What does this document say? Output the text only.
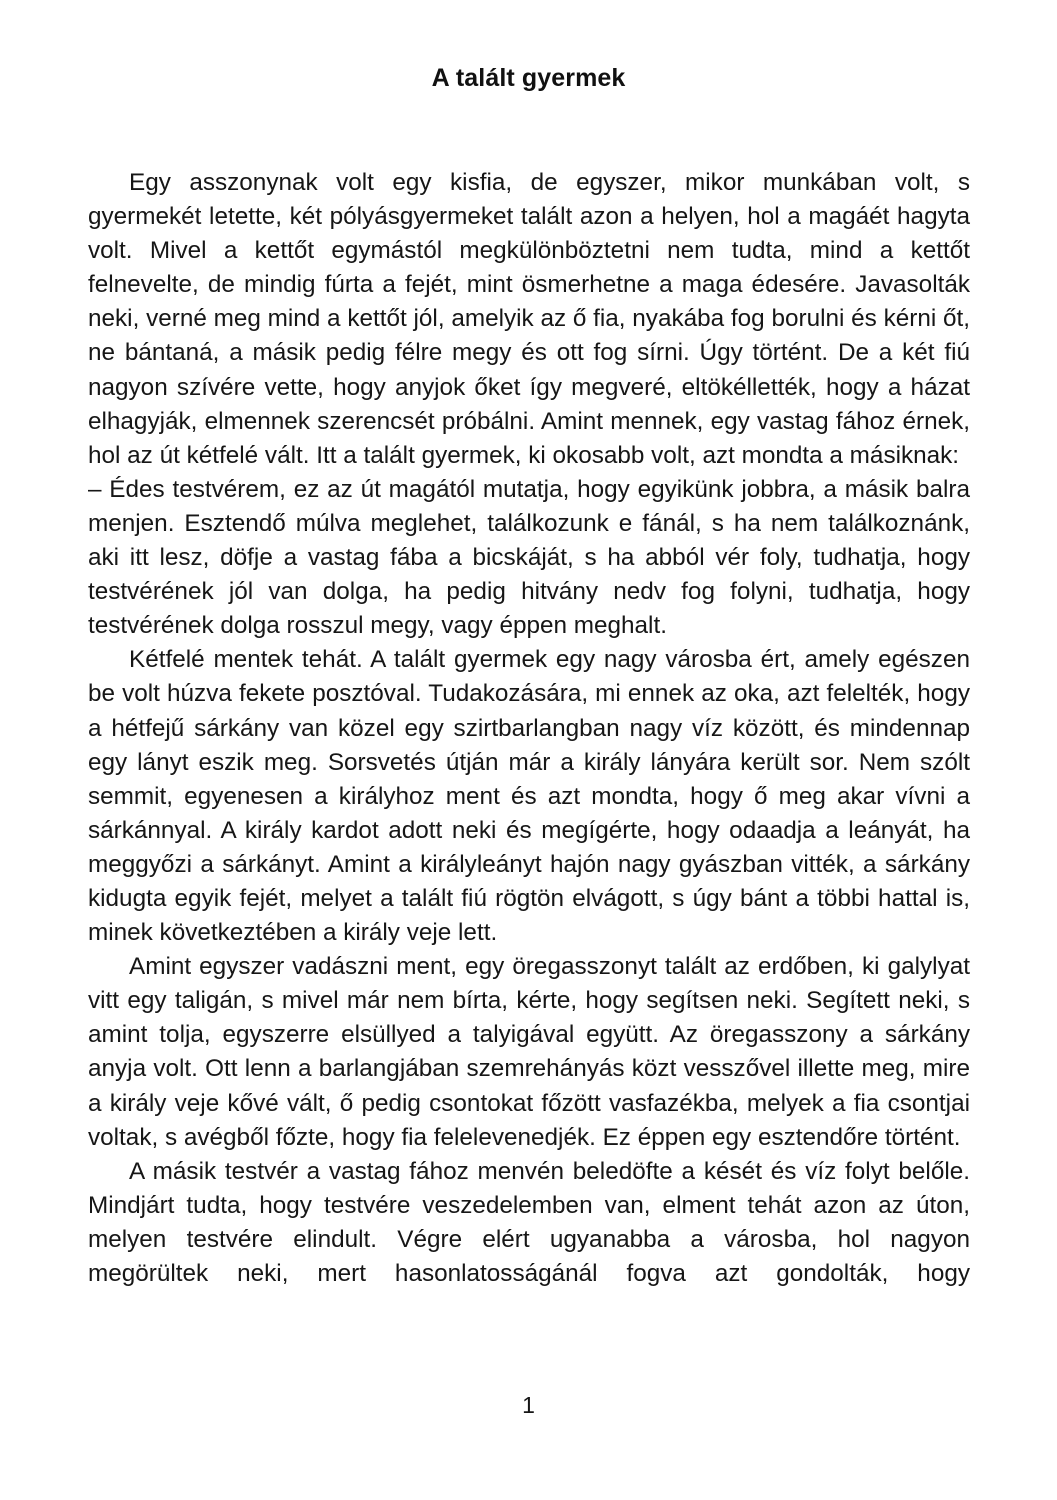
A talált gyermek

Egy asszonynak volt egy kisfia, de egyszer, mikor munkában volt, s gyermekét letette, két pólyásgyermeket talált azon a helyen, hol a magáét hagyta volt. Mivel a kettőt egymástól megkülönböztetni nem tudta, mind a kettőt felnevelte, de mindig fúrta a fejét, mint ösmerhetne a maga édesére. Javasolták neki, verné meg mind a kettőt jól, amelyik az ő fia, nyakába fog borulni és kérni őt, ne bántaná, a másik pedig félre megy és ott fog sírni. Úgy történt. De a két fiú nagyon szívére vette, hogy anyjok őket így megveré, eltökéllették, hogy a házat elhagyják, elmennek szerencsét próbálni. Amint mennek, egy vastag fához érnek, hol az út kétfelé vált. Itt a talált gyermek, ki okosabb volt, azt mondta a másiknak:

– Édes testvérem, ez az út magától mutatja, hogy egyikünk jobbra, a másik balra menjen. Esztendő múlva meglehet, találkozunk e fánál, s ha nem találkoznánk, aki itt lesz, döfje a vastag fába a bicskáját, s ha abból vér foly, tudhatja, hogy testvérének jól van dolga, ha pedig hitvány nedv fog folyni, tudhatja, hogy testvérének dolga rosszul megy, vagy éppen meghalt.

Kétfelé mentek tehát. A talált gyermek egy nagy városba ért, amely egészen be volt húzva fekete posztóval. Tudakozására, mi ennek az oka, azt felelték, hogy a hétfejű sárkány van közel egy szirtbarlangban nagy víz között, és mindennap egy lányt eszik meg. Sorsvetés útján már a király lányára került sor. Nem szólt semmit, egyenesen a királyhoz ment és azt mondta, hogy ő meg akar vívni a sárkánnyal. A király kardot adott neki és megígérte, hogy odaadja a leányát, ha meggyőzi a sárkányt. Amint a királyleányt hajón nagy gyászban vitték, a sárkány kidugta egyik fejét, melyet a talált fiú rögtön elvágott, s úgy bánt a többi hattal is, minek következtében a király veje lett.

Amint egyszer vadászni ment, egy öregasszonyt talált az erdőben, ki galylyat vitt egy taligán, s mivel már nem bírta, kérte, hogy segítsen neki. Segített neki, s amint tolja, egyszerre elsüllyed a talyigával együtt. Az öregasszony a sárkány anyja volt. Ott lenn a barlangjában szemrehányás közt vesszővel illette meg, mire a király veje kővé vált, ő pedig csontokat főzött vasfazékba, melyek a fia csontjai voltak, s avégből főzte, hogy fia felelevenedjék. Ez éppen egy esztendőre történt.

A másik testvér a vastag fához menvén beledöfte a kését és víz folyt belőle. Mindjárt tudta, hogy testvére veszedelemben van, elment tehát azon az úton, melyen testvére elindult. Végre elért ugyanabba a városba, hol nagyon megörültek neki, mert hasonlatosságánál fogva azt gondolták, hogy

1
